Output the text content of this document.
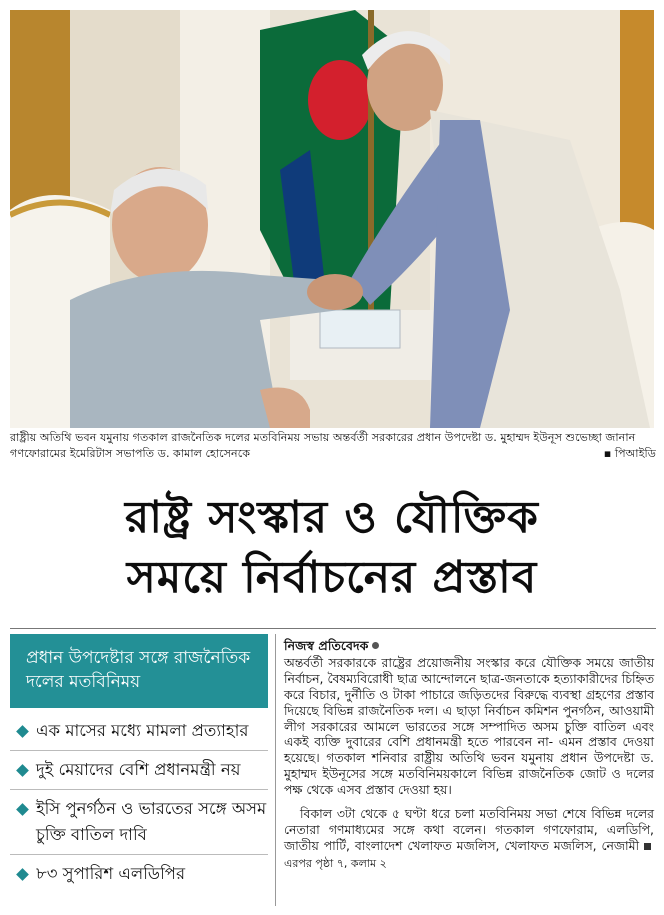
রাষ্ট্রীয় অতিথি ভবন যমুনায় গতকাল রাজনৈতিক দলের মতবিনিময় সভায় অন্তর্বর্তী সরকারের প্রধান উপদেষ্টা ড. মুহাম্মদ ইউনূস শুভেচ্ছা জানান গণফোরামের ইমেরিটাস সভাপতি ড. কামাল হোসেনকে	▪ পিআইডি
রাষ্ট্র সংস্কার ও যৌক্তিক
সময়ে নির্বাচনের প্রস্তাব
প্রধান উপদেষ্টার সঙ্গে রাজনৈতিক দলের মতবিনিময়
এক মাসের মধ্যে মামলা প্রত্যাহার
দুই মেয়াদের বেশি প্রধানমন্ত্রী নয়
ইসি পুনর্গঠন ও ভারতের সঙ্গে অসম চুক্তি বাতিল দাবি
৮৩ সুপারিশ এলডিপির
নিজস্ব প্রতিবেদক

অন্তর্বর্তী সরকারকে রাষ্ট্রের প্রয়োজনীয় সংস্কার করে যৌক্তিক সময়ে জাতীয় নির্বাচন, বৈষম্যবিরোধী ছাত্র আন্দোলনে ছাত্র-জনতাকে হত্যাকারীদের চিহ্নিত করে বিচার, দুর্নীতি ও টাকা পাচারে জড়িতদের বিরুদ্ধে ব্যবস্থা গ্রহণের প্রস্তাব দিয়েছে বিভিন্ন রাজনৈতিক দল। এ ছাড়া নির্বাচন কমিশন পুনর্গঠন, আওয়ামী লীগ সরকারের আমলে ভারতের সঙ্গে সম্পাদিত অসম চুক্তি বাতিল এবং একই ব্যক্তি দুবারের বেশি প্রধানমন্ত্রী হতে পারবেন না- এমন প্রস্তাব দেওয়া হয়েছে। গতকাল শনিবার রাষ্ট্রীয় অতিথি ভবন যমুনায় প্রধান উপদেষ্টা ড. মুহাম্মদ ইউনূসের সঙ্গে মতবিনিময়কালে বিভিন্ন রাজনৈতিক জোট ও দলের পক্ষ থেকে এসব প্রস্তাব দেওয়া হয়।

বিকাল ৩টা থেকে ৫ ঘণ্টা ধরে চলা মতবিনিময় সভা শেষে বিভিন্ন দলের নেতারা গণমাধ্যমের সঙ্গে কথা বলেন। গতকাল গণফোরাম, এলডিপি, জাতীয় পার্টি, বাংলাদেশ খেলাফত মজলিস, খেলাফত মজলিস, নেজামী এরপর পৃষ্ঠা ৭, কলাম ২
